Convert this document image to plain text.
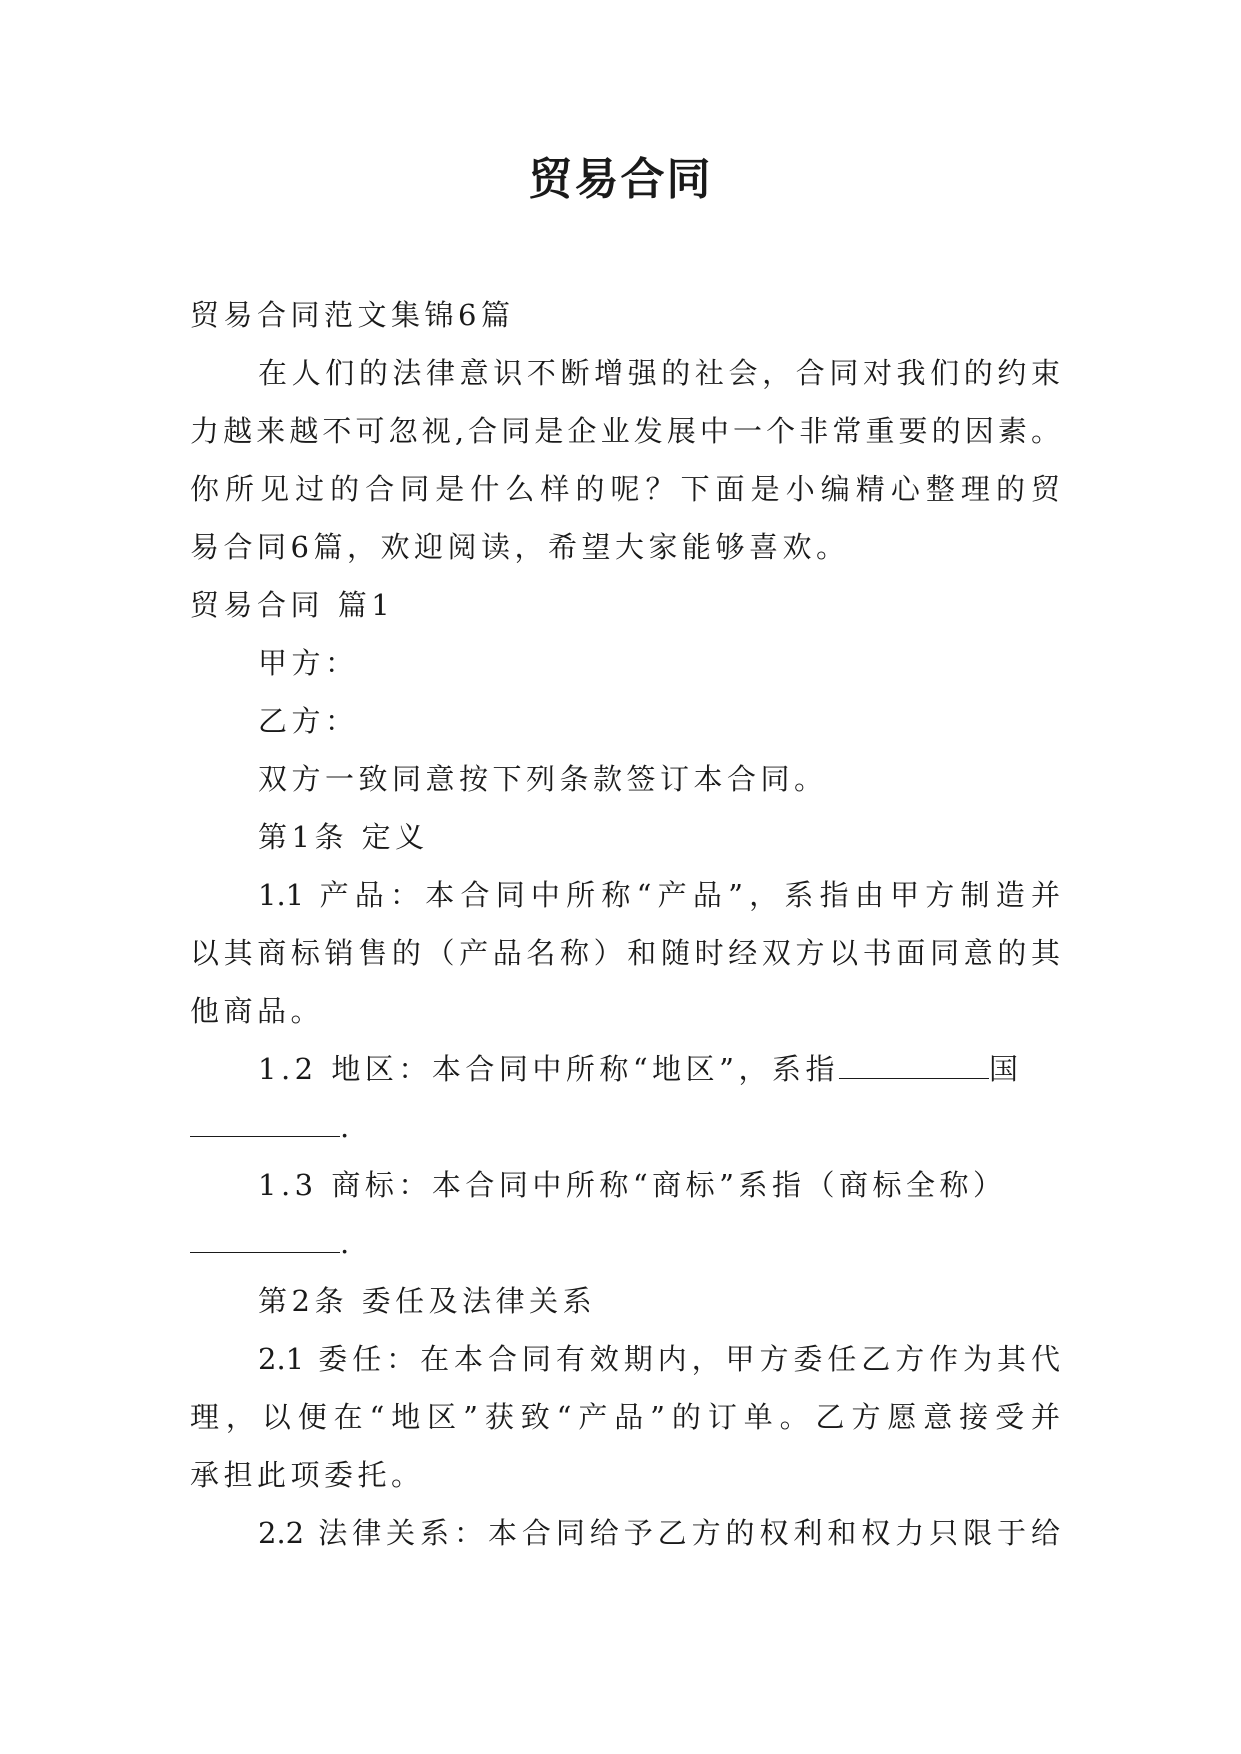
贸易合同

贸易合同范文集锦6篇

在人们的法律意识不断增强的社会，合同对我们的约束

力越来越不可忽视,合同是企业发展中一个非常重要的因素。

你所见过的合同是什么样的呢？下面是小编精心整理的贸

易合同6篇，欢迎阅读，希望大家能够喜欢。

贸易合同 篇1

甲方：

乙方：

双方一致同意按下列条款签订本合同。

第1条 定义

1.1 产品：本合同中所称“产品”，系指由甲方制造并

以其商标销售的（产品名称）和随时经双方以书面同意的其

他商品。

1.2 地区：本合同中所称“地区”，系指	国

.

1.3 商标：本合同中所称“商标”系指（商标全称）

.

第2条 委任及法律关系

2.1 委任：在本合同有效期内，甲方委任乙方作为其代

理，以便在“地区”获致“产品”的订单。乙方愿意接受并

承担此项委托。

2.2 法律关系：本合同给予乙方的权利和权力只限于给
